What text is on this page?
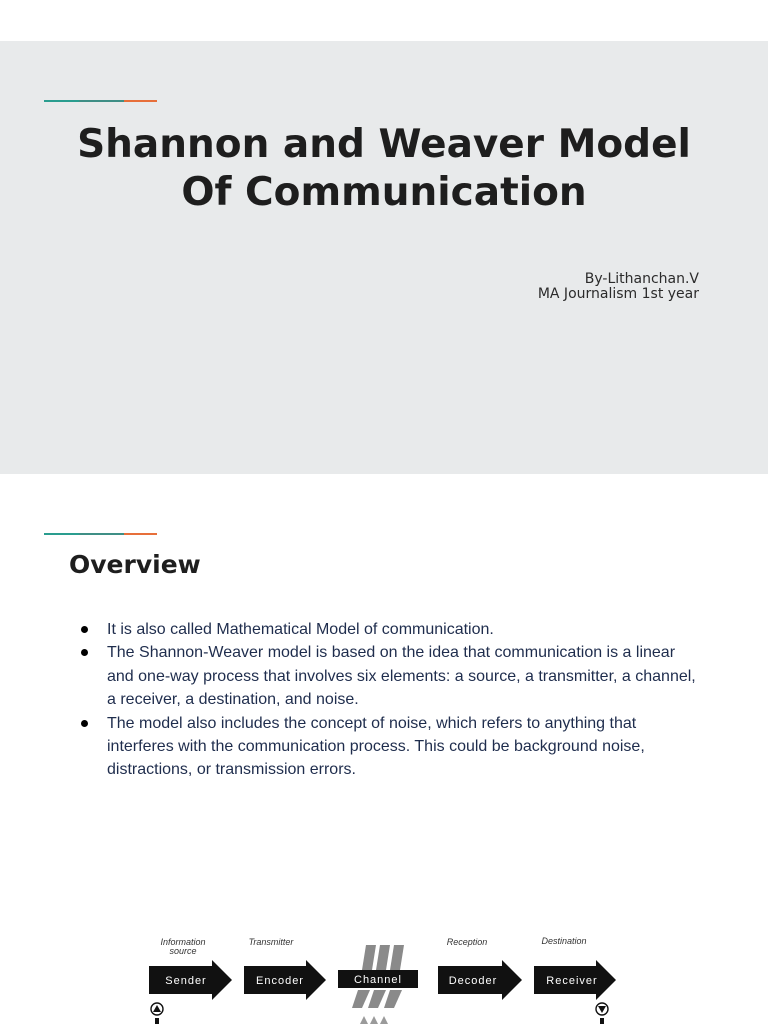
Shannon and Weaver Model
Of Communication
By-Lithanchan.V
MA Journalism 1st year
Overview
It is also called Mathematical Model of communication.
The Shannon-Weaver model is based on the idea that communication is a linear and one-way process that involves six elements: a source, a transmitter, a channel, a receiver, a destination, and noise.
The model also includes the concept of noise, which refers to anything that interferes with the communication process. This could be background noise, distractions, or transmission errors.
Information
source
Transmitter	Reception	Destination
Sender	Encoder	Channel	Decoder	Receiver
